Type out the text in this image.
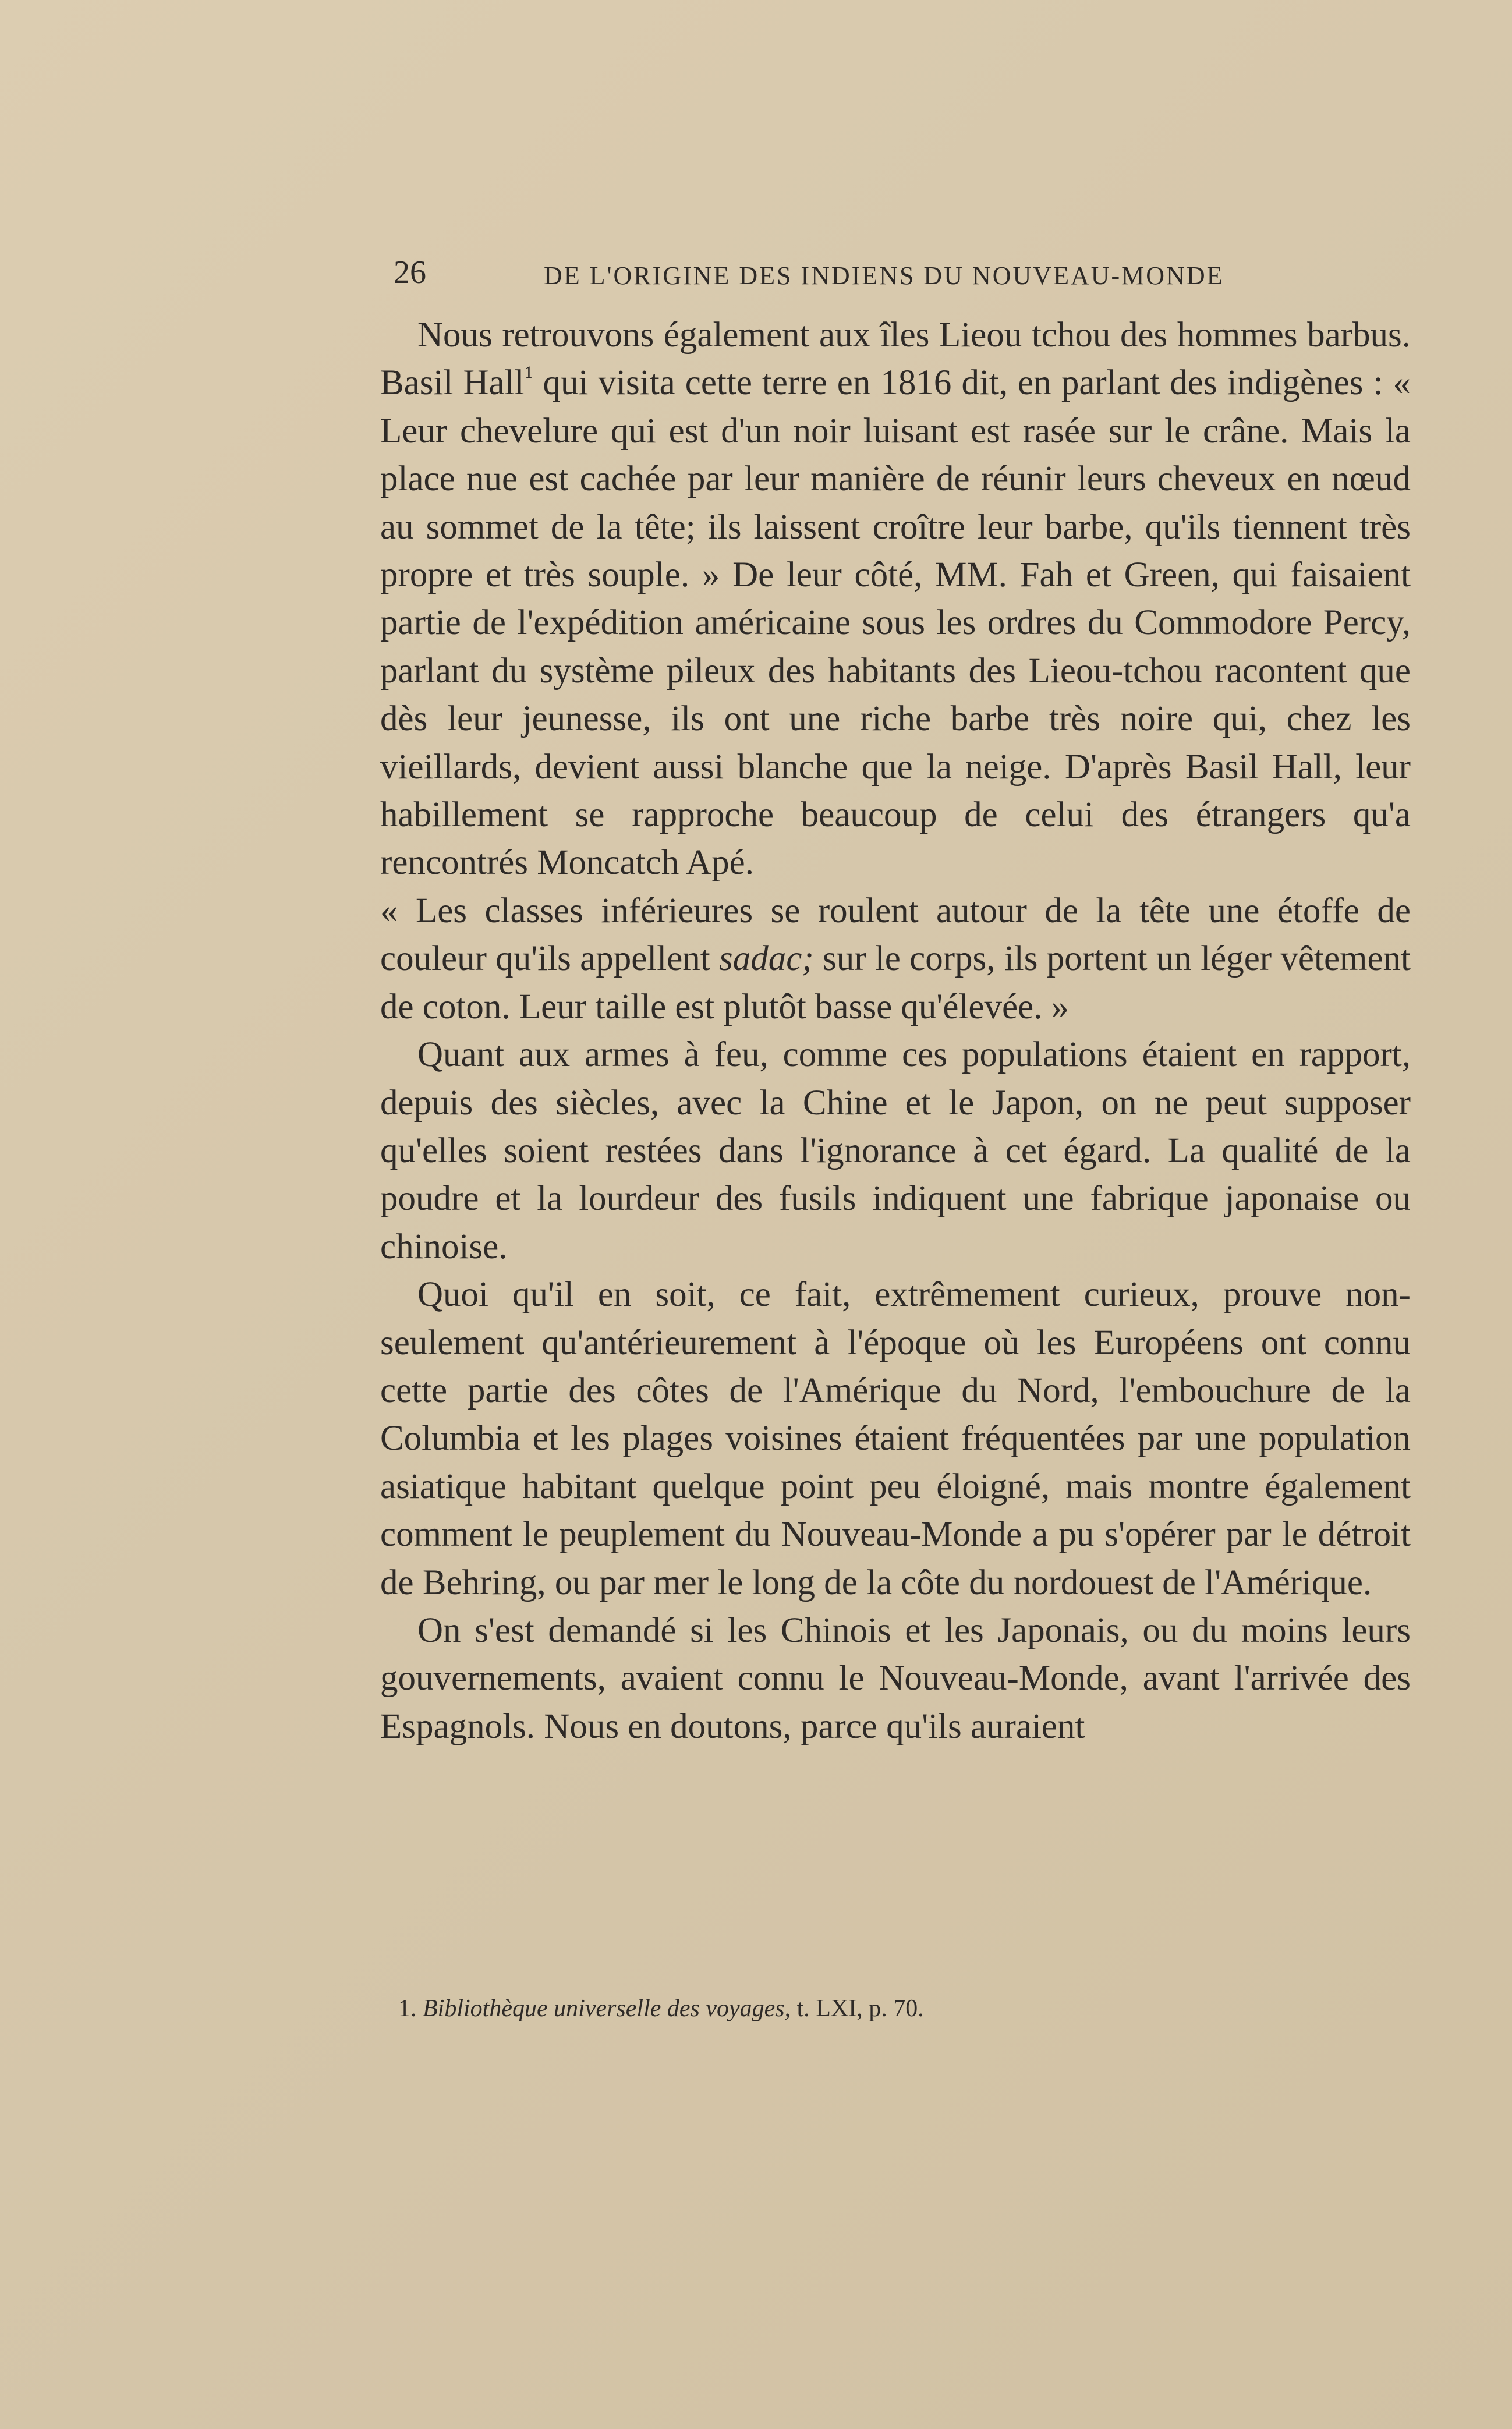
26	DE L'ORIGINE DES INDIENS DU NOUVEAU-MONDE

Nous retrouvons également aux îles Lieou tchou des hommes barbus. Basil Hall$^1$ qui visita cette terre en 1816 dit, en parlant des indigènes : « Leur chevelure qui est d'un noir luisant est rasée sur le crâne. Mais la place nue est cachée par leur manière de réunir leurs cheveux en nœud au sommet de la tête; ils laissent croître leur barbe, qu'ils tiennent très propre et très souple. » De leur côté, MM. Fah et Green, qui faisaient partie de l'expédition américaine sous les ordres du Commodore Percy, parlant du système pileux des habitants des Lieou-tchou racontent que dès leur jeunesse, ils ont une riche barbe très noire qui, chez les vieillards, devient aussi blanche que la neige. D'après Basil Hall, leur habillement se rapproche beaucoup de celui des étrangers qu'a rencontrés Moncatch Apé.

« Les classes inférieures se roulent autour de la tête une étoffe de couleur qu'ils appellent sadac; sur le corps, ils portent un léger vêtement de coton. Leur taille est plutôt basse qu'élevée. »

Quant aux armes à feu, comme ces populations étaient en rapport, depuis des siècles, avec la Chine et le Japon, on ne peut supposer qu'elles soient restées dans l'ignorance à cet égard. La qualité de la poudre et la lourdeur des fusils indiquent une fabrique japonaise ou chinoise.

Quoi qu'il en soit, ce fait, extrêmement curieux, prouve non-seulement qu'antérieurement à l'époque où les Européens ont connu cette partie des côtes de l'Amérique du Nord, l'embouchure de la Columbia et les plages voisines étaient fréquentées par une population asiatique habitant quelque point peu éloigné, mais montre également comment le peuplement du Nouveau-Monde a pu s'opérer par le détroit de Behring, ou par mer le long de la côte du nordouest de l'Amérique.

On s'est demandé si les Chinois et les Japonais, ou du moins leurs gouvernements, avaient connu le Nouveau-Monde, avant l'arrivée des Espagnols. Nous en doutons, parce qu'ils auraient

1. Bibliothèque universelle des voyages, t. LXI, p. 70.
